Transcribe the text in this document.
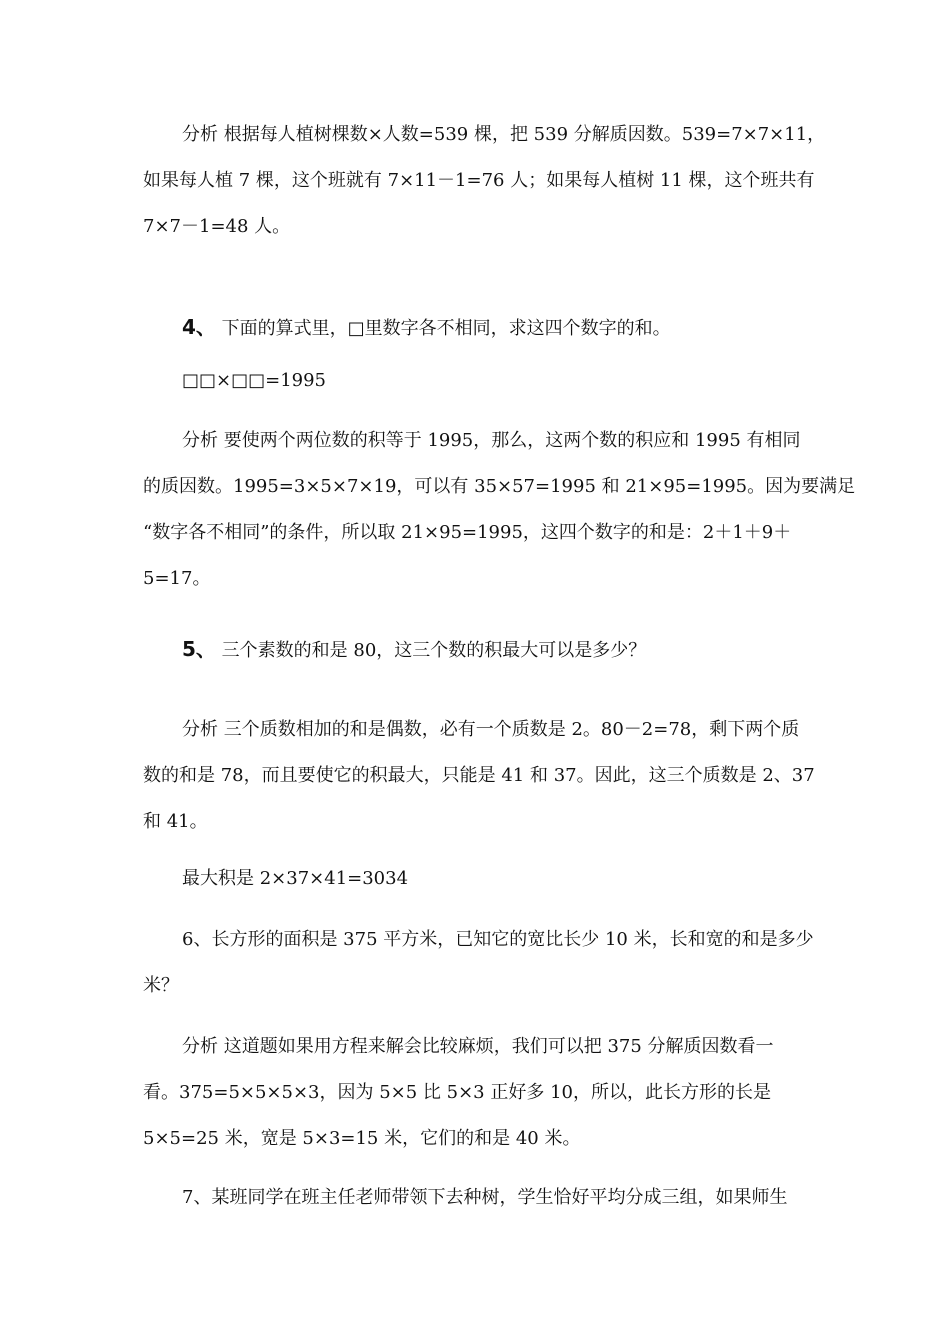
分析 根据每人植树棵数×人数=539 棵，把 539 分解质因数。539=7×7×11，
如果每人植 7 棵，这个班就有 7×11－1=76 人；如果每人植树 11 棵，这个班共有
7×7－1=48 人。
4、 下面的算式里，□里数字各不相同，求这四个数字的和。
□□×□□=1995
分析 要使两个两位数的积等于 1995，那么，这两个数的积应和 1995 有相同
的质因数。1995=3×5×7×19，可以有 35×57=1995 和 21×95=1995。因为要满足
“数字各不相同”的条件，所以取 21×95=1995，这四个数字的和是：2＋1＋9＋
5=17。
5、 三个素数的和是 80，这三个数的积最大可以是多少？
分析 三个质数相加的和是偶数，必有一个质数是 2。80－2=78，剩下两个质
数的和是 78，而且要使它的积最大，只能是 41 和 37。因此，这三个质数是 2、37
和 41。
最大积是 2×37×41=3034
6、长方形的面积是 375 平方米，已知它的宽比长少 10 米，长和宽的和是多少
米？
分析 这道题如果用方程来解会比较麻烦，我们可以把 375 分解质因数看一
看。375=5×5×5×3，因为 5×5 比 5×3 正好多 10，所以，此长方形的长是
5×5=25 米，宽是 5×3=15 米，它们的和是 40 米。
7、某班同学在班主任老师带领下去种树，学生恰好平均分成三组，如果师生
